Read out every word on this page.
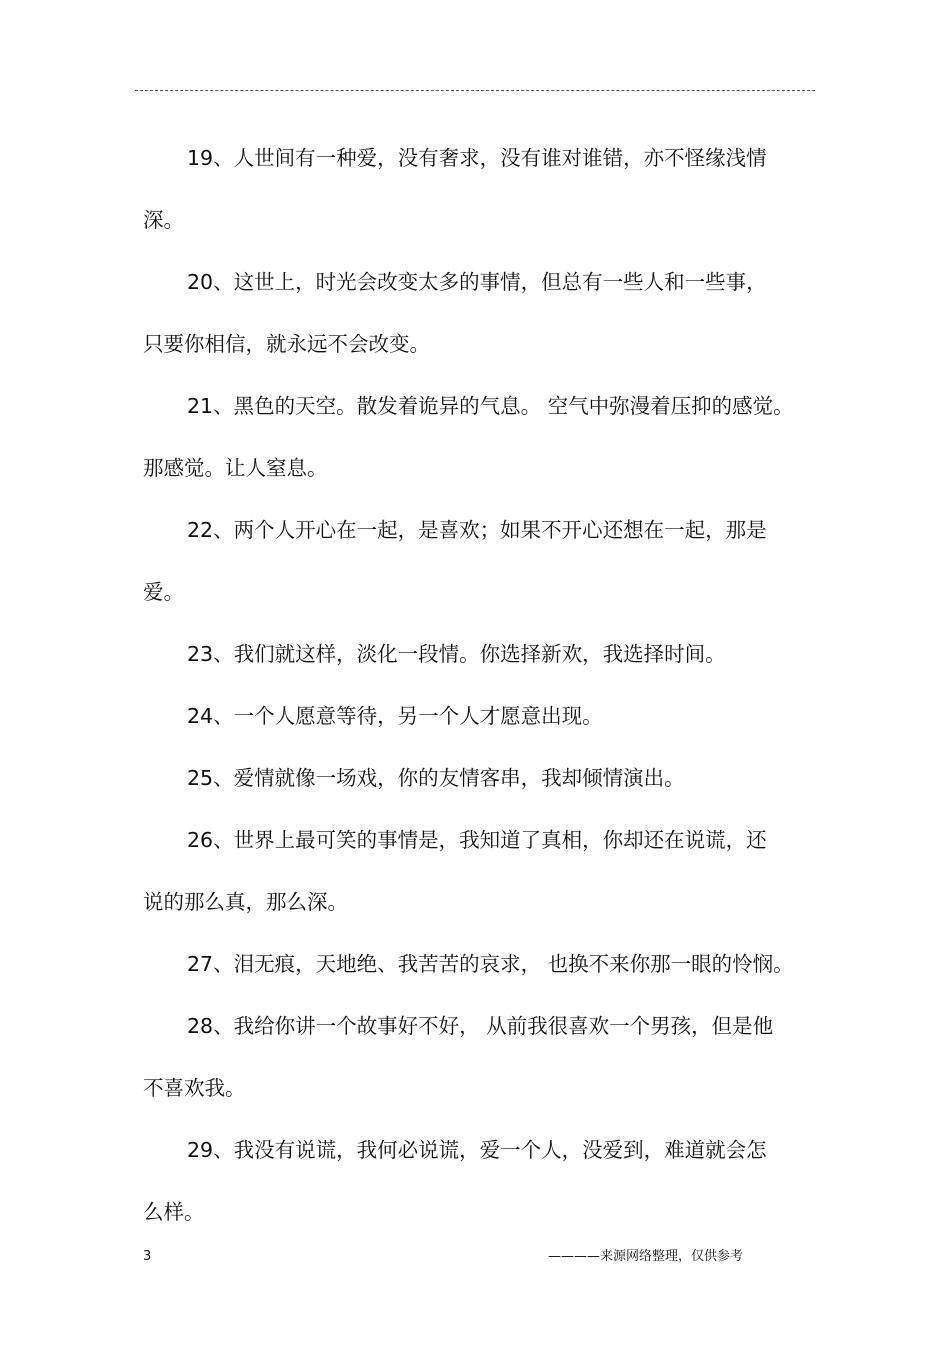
19、人世间有一种爱，没有奢求，没有谁对谁错，亦不怪缘浅情
深。
20、这世上，时光会改变太多的事情，但总有一些人和一些事，
只要你相信，就永远不会改变。
21、黑色的天空。散发着诡异的气息。 空气中弥漫着压抑的感觉。
那感觉。让人窒息。
22、两个人开心在一起，是喜欢；如果不开心还想在一起，那是
爱。
23、我们就这样，淡化一段情。你选择新欢，我选择时间。
24、一个人愿意等待，另一个人才愿意出现。
25、爱情就像一场戏，你的友情客串，我却倾情演出。
26、世界上最可笑的事情是，我知道了真相，你却还在说谎，还
说的那么真，那么深。
27、泪无痕，天地绝、我苦苦的哀求， 也换不来你那一眼的怜悯。
28、我给你讲一个故事好不好， 从前我很喜欢一个男孩，但是他
不喜欢我。
29、我没有说谎，我何必说谎，爱一个人，没爱到，难道就会怎
么样。
3	————来源网络整理，仅供参考
